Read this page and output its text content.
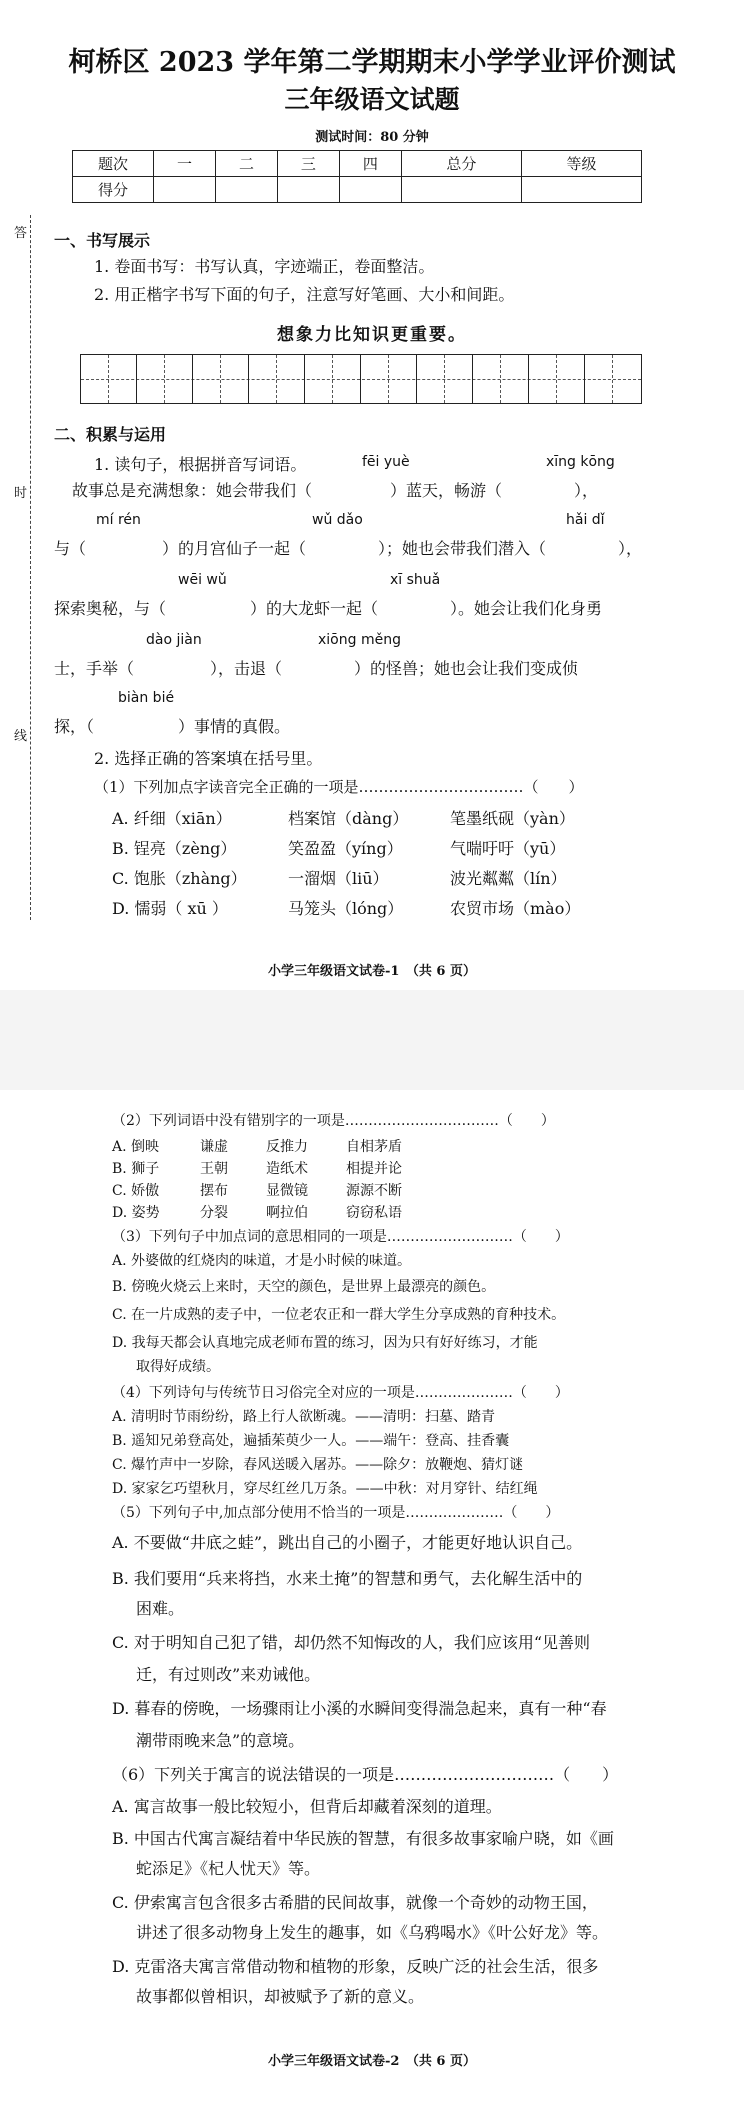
柯桥区 2023 学年第二学期期末小学学业评价测试
三年级语文试题
测试时间：80 分钟
题次	一	二	三	四	总分	等级
得分						
答
时
线
一、书写展示
1. 卷面书写：书写认真，字迹端正，卷面整洁。
2. 用正楷字书写下面的句子，注意写好笔画、大小和间距。
想象力比知识更重要。
二、积累与运用
1. 读句子，根据拼音写词语。	fēi yuè	xīng kōng
故事总是充满想象：她会带我们（	）蓝天，畅游（	），
mí rén	wǔ dǎo	hǎi dǐ
与（	）的月宫仙子一起（	）；她也会带我们潜入（	），
wēi wǔ	xī shuǎ
探索奥秘，与（	）的大龙虾一起（	）。她会让我们化身勇
dào jiàn	xiōng měng
士，手举（	），击退（	）的怪兽；她也会让我们变成侦
biàn bié
探，（	）事情的真假。
2. 选择正确的答案填在括号里。
（1）下列加点字读音完全正确的一项是……………………………（　　）
A. 纤细（xiān）	档案馆（dàng）	笔墨纸砚（yàn）
B. 锃亮（zèng）	笑盈盈（yíng）	气喘吁吁（yū）
C. 饱胀（zhàng）	一溜烟（liū）	波光粼粼（lín）
D. 懦弱（ xū ）	马笼头（lóng）	农贸市场（mào）
小学三年级语文试卷-1　（共 6 页）
（2）下列词语中没有错别字的一项是……………………………（　　）
A. 倒映	谦虚	反推力	自相茅盾
B. 狮子	王朝	造纸术	相提并论
C. 娇傲	摆布	显微镜	源源不断
D. 姿势	分裂	啊拉伯	窃窃私语
（3）下列句子中加点词的意思相同的一项是………………………（　　）
A. 外婆做的红烧肉的味道，才是小时候的味道。
B. 傍晚火烧云上来时，天空的颜色，是世界上最漂亮的颜色。
C. 在一片成熟的麦子中，一位老农正和一群大学生分享成熟的育种技术。
D. 我每天都会认真地完成老师布置的练习，因为只有好好练习，才能
取得好成绩。
（4）下列诗句与传统节日习俗完全对应的一项是…………………（　　）
A. 清明时节雨纷纷，路上行人欲断魂。——清明：扫墓、踏青
B. 遥知兄弟登高处，遍插茱萸少一人。——端午：登高、挂香囊
C. 爆竹声中一岁除，春风送暖入屠苏。——除夕：放鞭炮、猜灯谜
D. 家家乞巧望秋月，穿尽红丝几万条。——中秋：对月穿针、结红绳
（5）下列句子中,加点部分使用不恰当的一项是…………………（　　）
A. 不要做“井底之蛙”，跳出自己的小圈子，才能更好地认识自己。
B. 我们要用“兵来将挡，水来土掩”的智慧和勇气，去化解生活中的
困难。
C. 对于明知自己犯了错，却仍然不知悔改的人，我们应该用“见善则
迁，有过则改”来劝诫他。
D. 暮春的傍晚，一场骤雨让小溪的水瞬间变得湍急起来，真有一种“春
潮带雨晚来急”的意境。
（6）下列关于寓言的说法错误的一项是…………………………（　　）
A. 寓言故事一般比较短小，但背后却藏着深刻的道理。
B. 中国古代寓言凝结着中华民族的智慧，有很多故事家喻户晓，如《画
蛇添足》《杞人忧天》等。
C. 伊索寓言包含很多古希腊的民间故事，就像一个奇妙的动物王国，
讲述了很多动物身上发生的趣事，如《乌鸦喝水》《叶公好龙》等。
D. 克雷洛夫寓言常借动物和植物的形象，反映广泛的社会生活，很多
故事都似曾相识，却被赋予了新的意义。
小学三年级语文试卷-2　（共 6 页）
